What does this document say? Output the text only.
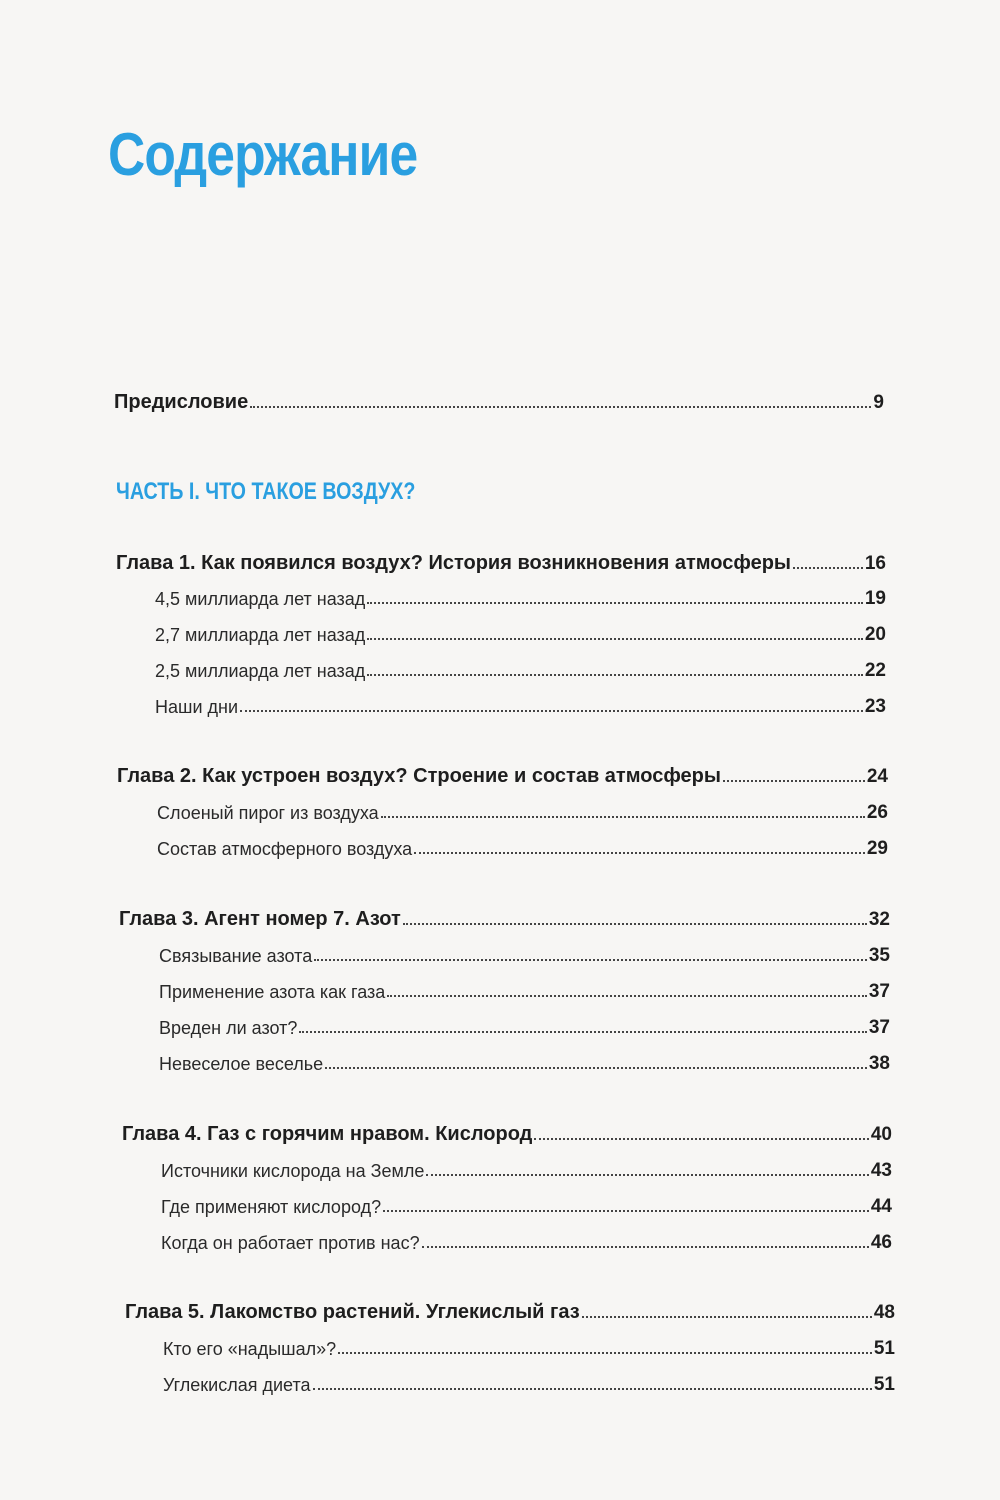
Содержание
Предисловие	9
ЧАСТЬ I. ЧТО ТАКОЕ ВОЗДУХ?
Глава 1. Как появился воздух? История возникновения атмосферы	16
4,5 миллиарда лет назад	19
2,7 миллиарда лет назад	20
2,5 миллиарда лет назад	22
Наши дни	23
Глава 2. Как устроен воздух? Строение и состав атмосферы	24
Слоеный пирог из воздуха	26
Состав атмосферного воздуха	29
Глава 3. Агент номер 7. Азот	32
Связывание азота	35
Применение азота как газа	37
Вреден ли азот?	37
Невеселое веселье	38
Глава 4. Газ с горячим нравом. Кислород	40
Источники кислорода на Земле	43
Где применяют кислород?	44
Когда он работает против нас?	46
Глава 5. Лакомство растений. Углекислый газ	48
Кто его «надышал»?	51
Углекислая диета	51
